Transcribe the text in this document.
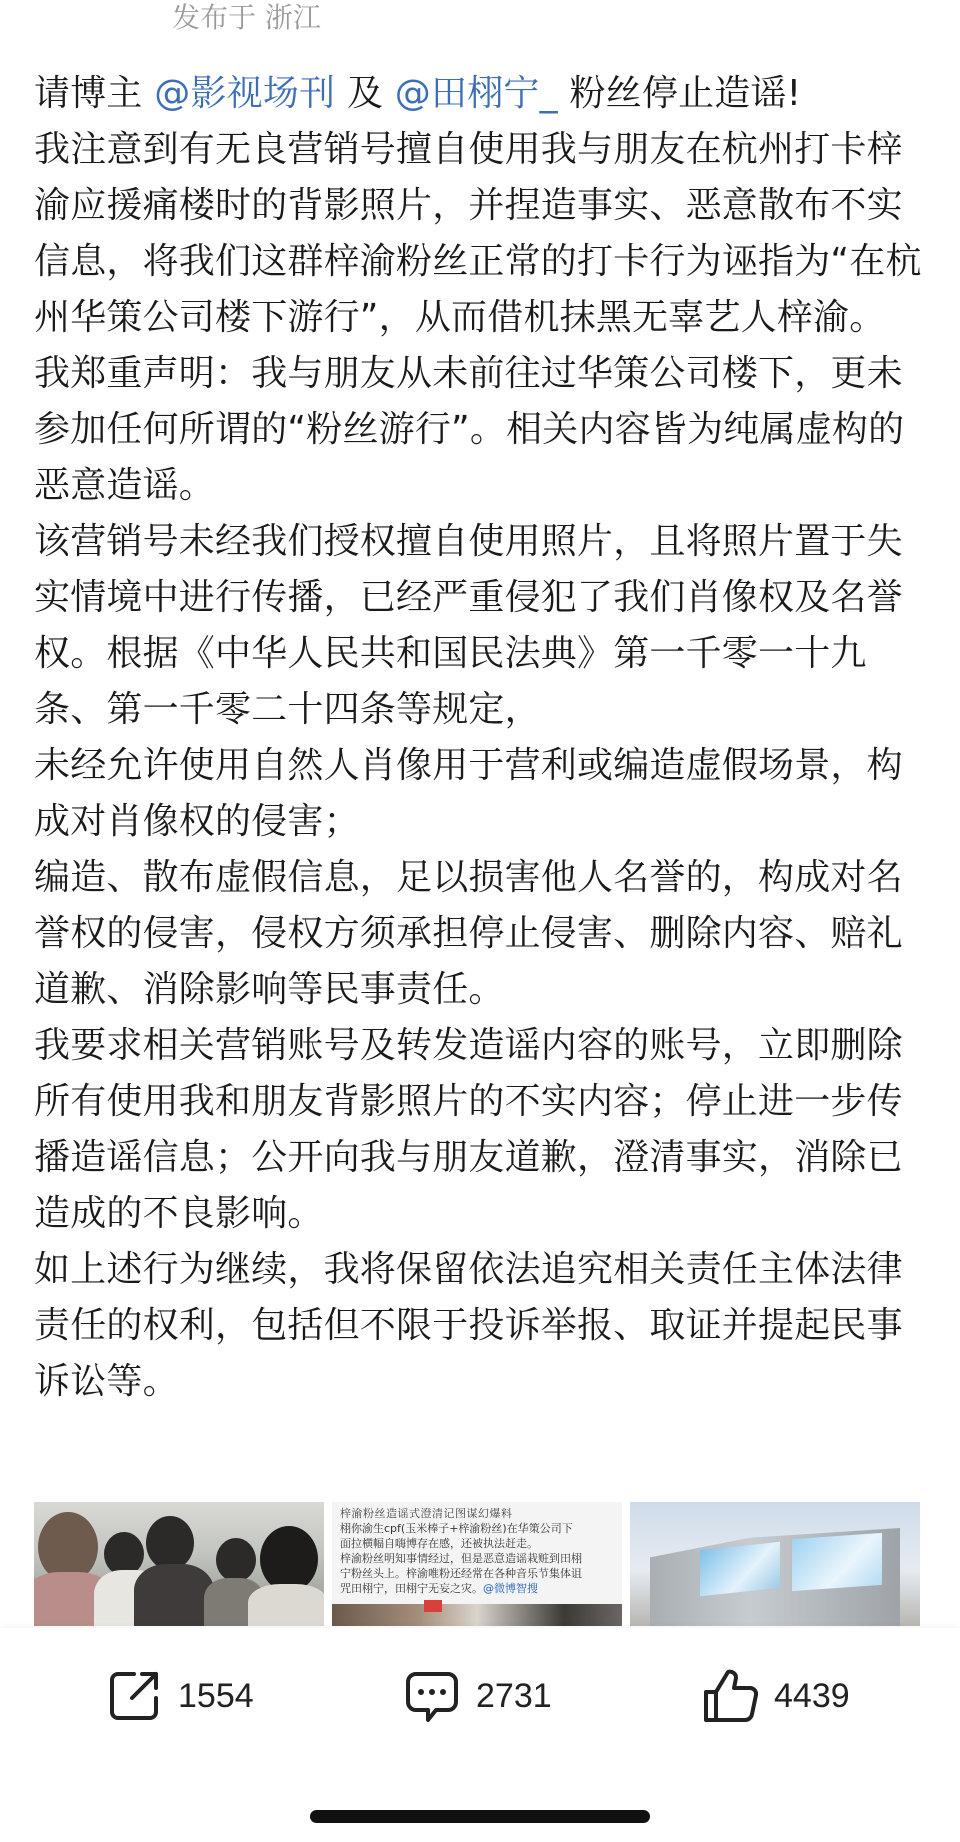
发布于 浙江

请博主 @影视场刊 及 @田栩宁_ 粉丝停止造谣!

我注意到有无良营销号擅自使用我与朋友在杭州打卡梓渝应援痛楼时的背影照片，并捏造事实、恶意散布不实信息，将我们这群梓渝粉丝正常的打卡行为诬指为“在杭州华策公司楼下游行”，从而借机抹黑无辜艺人梓渝。

我郑重声明：我与朋友从未前往过华策公司楼下，更未参加任何所谓的“粉丝游行”。相关内容皆为纯属虚构的恶意造谣。

该营销号未经我们授权擅自使用照片，且将照片置于失实情境中进行传播，已经严重侵犯了我们肖像权及名誉权。根据《中华人民共和国民法典》第一千零一十九条、第一千零二十四条等规定，

未经允许使用自然人肖像用于营利或编造虚假场景，构成对肖像权的侵害；

编造、散布虚假信息，足以损害他人名誉的，构成对名誉权的侵害，侵权方须承担停止侵害、删除内容、赔礼道歉、消除影响等民事责任。

我要求相关营销账号及转发造谣内容的账号，立即删除所有使用我和朋友背影照片的不实内容；停止进一步传播造谣信息；公开向我与朋友道歉，澄清事实，消除已造成的不良影响。

如上述行为继续，我将保留依法追究相关责任主体法律责任的权利，包括但不限于投诉举报、取证并提起民事诉讼等。

梓渝粉丝造谣式澄清记图谋幻爆料
栩你渝生cpf(玉米棒子+梓渝粉丝)在华策公司下
面拉横幅自嗨博存在感，还被执法赶走。
梓渝粉丝明知事情经过，但是恶意造谣栽赃到田栩
宁粉丝头上。梓渝唯粉还经常在各种音乐节集体诅
咒田栩宁，田栩宁无妄之灾。@微博智搜
1554	2731	4439
